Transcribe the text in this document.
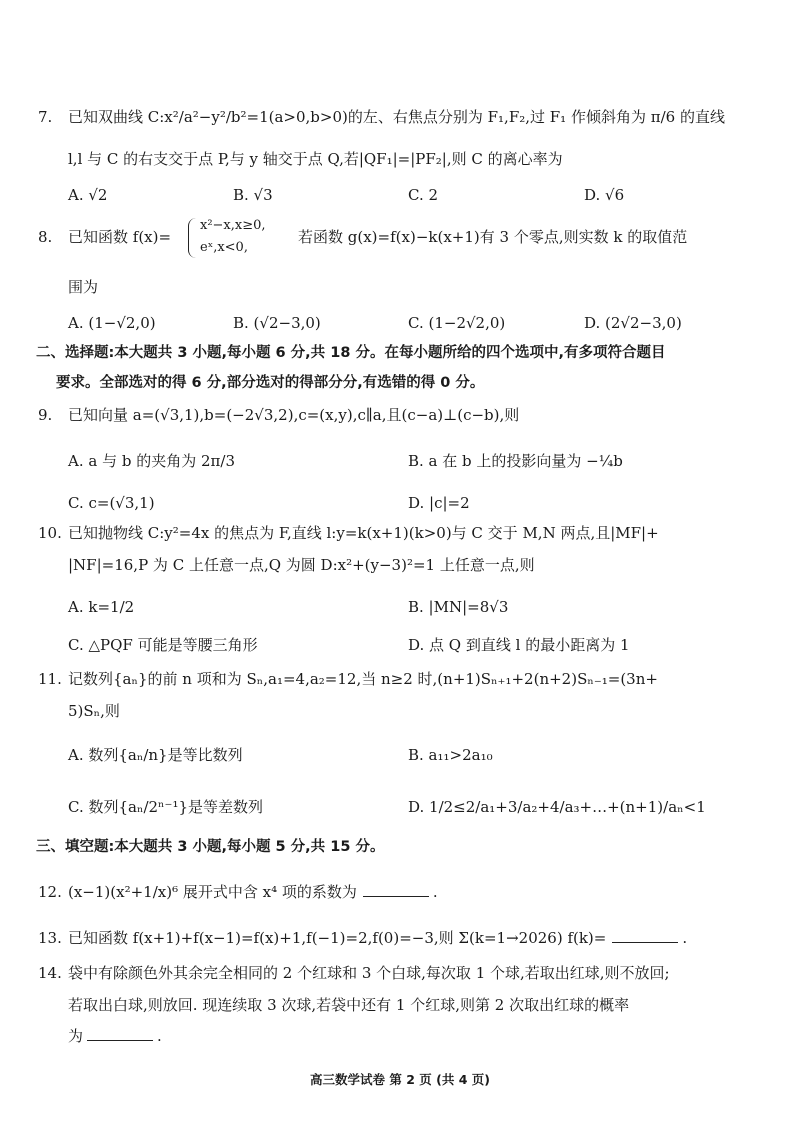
7. 已知双曲线 C:x²/a²−y²/b²=1(a>0,b>0)的左、右焦点分别为 F₁,F₂,过 F₁ 作倾斜角为 π/6 的直线
l,l 与 C 的右支交于点 P,与 y 轴交于点 Q,若|QF₁|=|PF₂|,则 C 的离心率为
A. √2	B. √3	C. 2	D. √6
8. 已知函数 f(x)=
x²−x,x≥0,
eˣ,x<0,
若函数 g(x)=f(x)−k(x+1)有 3 个零点,则实数 k 的取值范
围为
A. (1−√2,0)	B. (√2−3,0)	C. (1−2√2,0)	D. (2√2−3,0)
二、选择题:本大题共 3 小题,每小题 6 分,共 18 分。在每小题所给的四个选项中,有多项符合题目
要求。全部选对的得 6 分,部分选对的得部分分,有选错的得 0 分。
9. 已知向量 a=(√3,1),b=(−2√3,2),c=(x,y),c∥a,且(c−a)⊥(c−b),则
A. a 与 b 的夹角为 2π/3	B. a 在 b 上的投影向量为 −¼b
C. c=(√3,1)	D. |c|=2
10. 已知抛物线 C:y²=4x 的焦点为 F,直线 l:y=k(x+1)(k>0)与 C 交于 M,N 两点,且|MF|+
|NF|=16,P 为 C 上任意一点,Q 为圆 D:x²+(y−3)²=1 上任意一点,则
A. k=1/2	B. |MN|=8√3
C. △PQF 可能是等腰三角形	D. 点 Q 到直线 l 的最小距离为 1
11. 记数列{aₙ}的前 n 项和为 Sₙ,a₁=4,a₂=12,当 n≥2 时,(n+1)Sₙ₊₁+2(n+2)Sₙ₋₁=(3n+
5)Sₙ,则
A. 数列{aₙ/n}是等比数列	B. a₁₁>2a₁₀
C. 数列{aₙ/2ⁿ⁻¹}是等差数列	D. 1/2≤2/a₁+3/a₂+4/a₃+…+(n+1)/aₙ<1
三、填空题:本大题共 3 小题,每小题 5 分,共 15 分。
12. (x−1)(x²+1/x)⁶ 展开式中含 x⁴ 项的系数为	.
13. 已知函数 f(x+1)+f(x−1)=f(x)+1,f(−1)=2,f(0)=−3,则 Σ(k=1→2026) f(k)=	.
14. 袋中有除颜色外其余完全相同的 2 个红球和 3 个白球,每次取 1 个球,若取出红球,则不放回;
若取出白球,则放回. 现连续取 3 次球,若袋中还有 1 个红球,则第 2 次取出红球的概率
为	.
高三数学试卷 第 2 页 (共 4 页)
